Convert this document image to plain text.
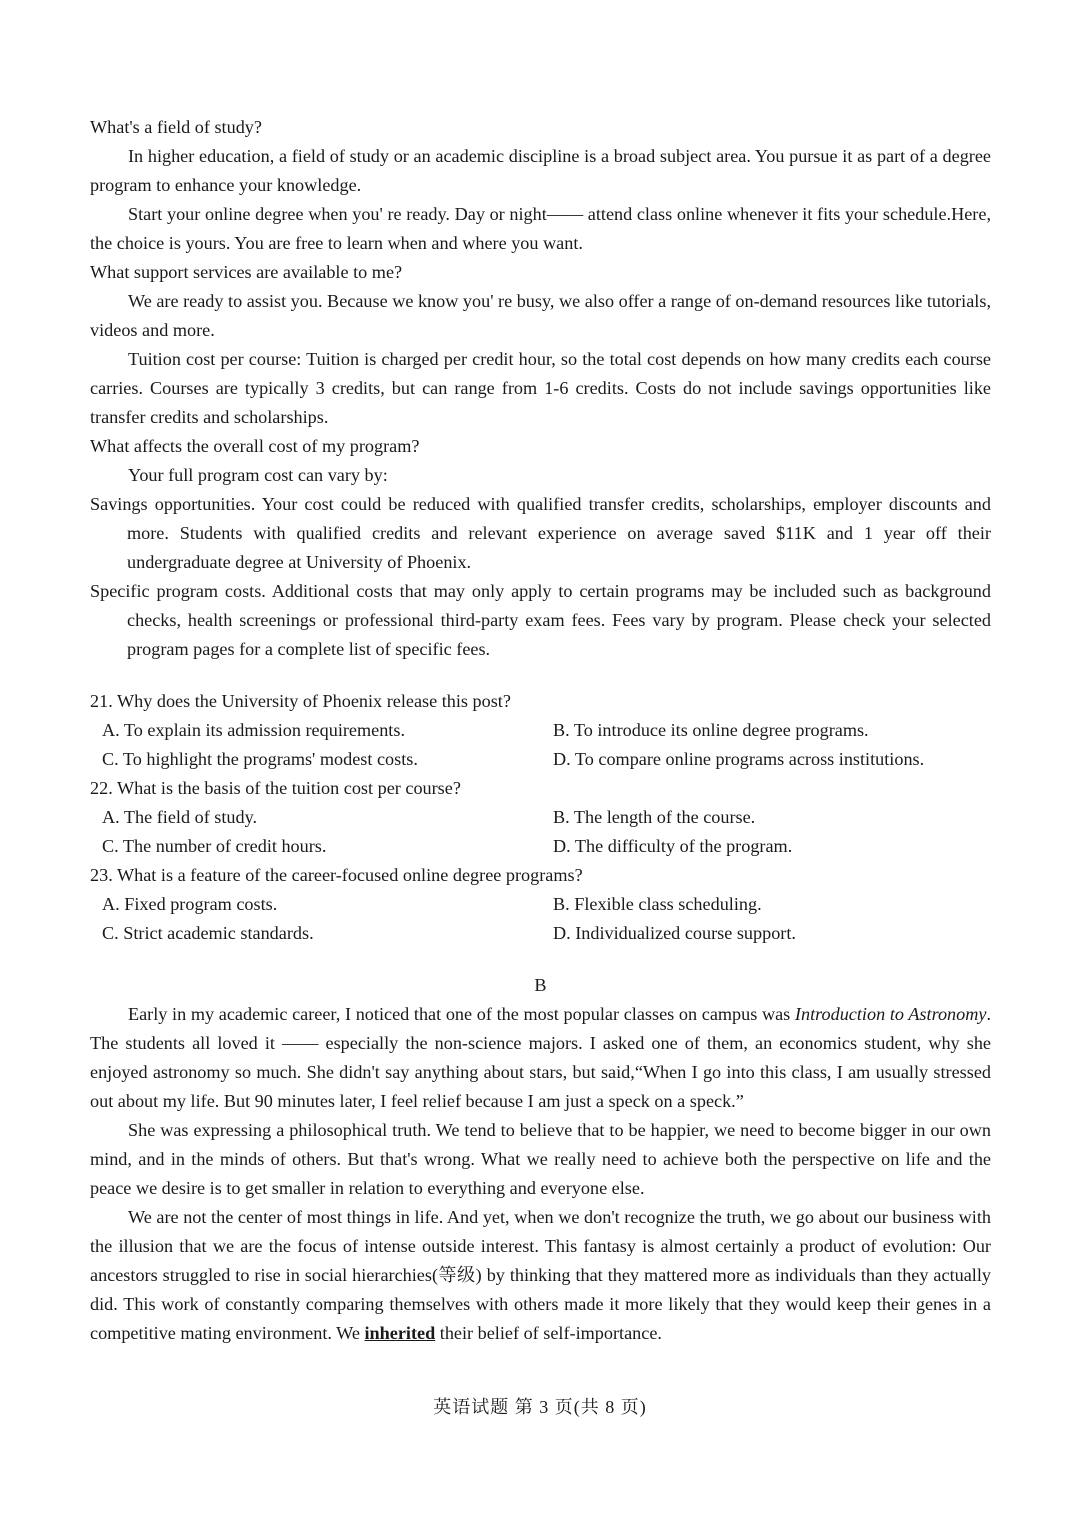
What's a field of study?

In higher education, a field of study or an academic discipline is a broad subject area. You pursue it as part of a degree program to enhance your knowledge.

Start your online degree when you' re ready. Day or night—— attend class online whenever it fits your schedule.Here, the choice is yours. You are free to learn when and where you want.

What support services are available to me?

We are ready to assist you. Because we know you' re busy, we also offer a range of on-demand resources like tutorials, videos and more.

Tuition cost per course: Tuition is charged per credit hour, so the total cost depends on how many credits each course carries. Courses are typically 3 credits, but can range from 1-6 credits. Costs do not include savings opportunities like transfer credits and scholarships.

What affects the overall cost of my program?

Your full program cost can vary by:

Savings opportunities. Your cost could be reduced with qualified transfer credits, scholarships, employer discounts and more. Students with qualified credits and relevant experience on average saved $11K and 1 year off their undergraduate degree at University of Phoenix.

Specific program costs. Additional costs that may only apply to certain programs may be included such as background checks, health screenings or professional third-party exam fees. Fees vary by program. Please check your selected program pages for a complete list of specific fees.

21. Why does the University of Phoenix release this post?

A. To explain its admission requirements.	B. To introduce its online degree programs.
C. To highlight the programs' modest costs.	D. To compare online programs across institutions.

22. What is the basis of the tuition cost per course?

A. The field of study.	B. The length of the course.
C. The number of credit hours.	D. The difficulty of the program.

23. What is a feature of the career-focused online degree programs?

A. Fixed program costs.	B. Flexible class scheduling.
C. Strict academic standards.	D. Individualized course support.

B

Early in my academic career, I noticed that one of the most popular classes on campus was Introduction to Astronomy. The students all loved it —— especially the non-science majors. I asked one of them, an economics student, why she enjoyed astronomy so much. She didn't say anything about stars, but said,“When I go into this class, I am usually stressed out about my life. But 90 minutes later, I feel relief because I am just a speck on a speck.”

She was expressing a philosophical truth. We tend to believe that to be happier, we need to become bigger in our own mind, and in the minds of others. But that's wrong. What we really need to achieve both the perspective on life and the peace we desire is to get smaller in relation to everything and everyone else.

We are not the center of most things in life. And yet, when we don't recognize the truth, we go about our business with the illusion that we are the focus of intense outside interest. This fantasy is almost certainly a product of evolution: Our ancestors struggled to rise in social hierarchies(等级) by thinking that they mattered more as individuals than they actually did. This work of constantly comparing themselves with others made it more likely that they would keep their genes in a competitive mating environment. We inherited their belief of self-importance.

英语试题 第 3 页(共 8 页)
